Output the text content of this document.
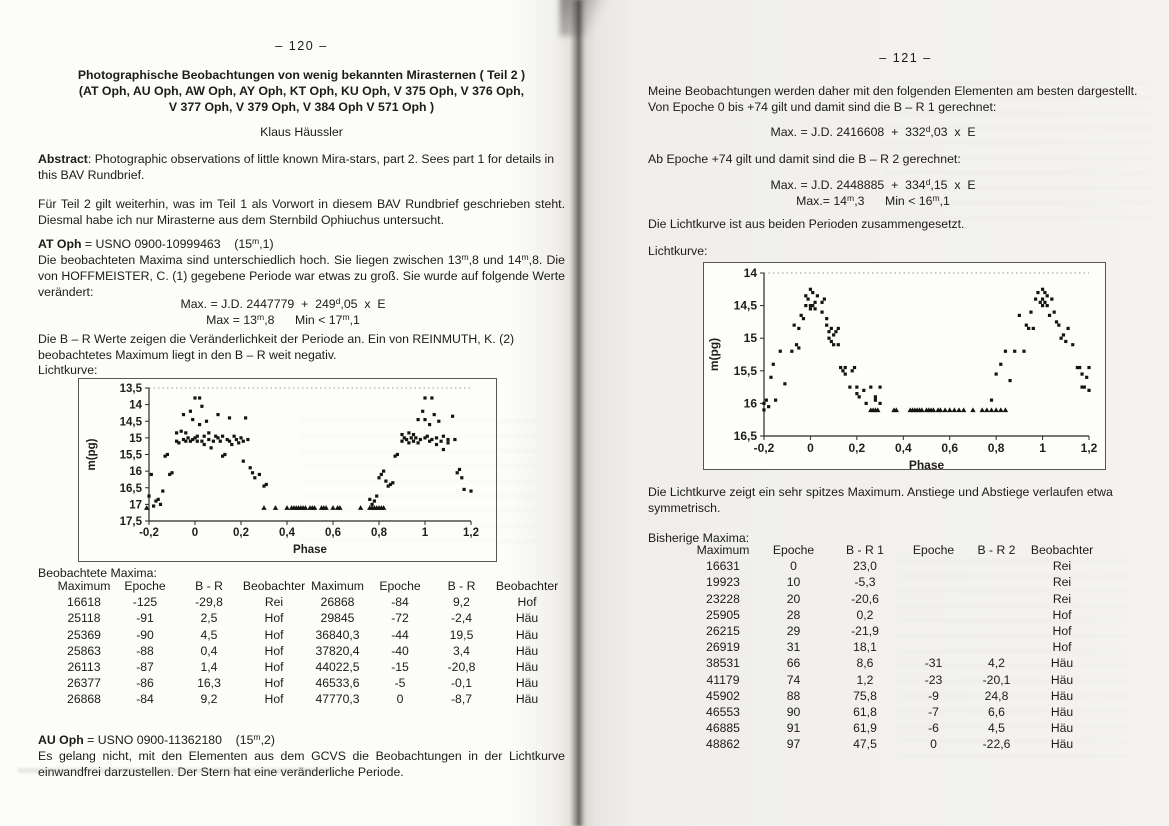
– 120 –
Photographische Beobachtungen von wenig bekannten Mirasternen ( Teil 2 )
(AT Oph, AU Oph, AW Oph, AY Oph, KT Oph, KU Oph, V 375 Oph, V 376 Oph,
V 377 Oph, V 379 Oph, V 384 Oph V 571 Oph )
Klaus Häussler
Abstract: Photographic observations of little known Mira-stars, part 2. Sees part 1 for details in this BAV Rundbrief.
Für Teil 2 gilt weiterhin, was im Teil 1 als Vorwort in diesem BAV Rundbrief geschrieben steht. Diesmal habe ich nur Mirasterne aus dem Sternbild Ophiuchus untersucht.
AT Oph = USNO 0900-10999463    (15$^m$,1)
Die beobachteten Maxima sind unterschiedlich hoch. Sie liegen zwischen 13$^m$,8 und 14$^m$,8. Die von HOFFMEISTER, C. (1) gegebene Periode war etwas zu groß. Sie wurde auf folgende Werte verändert:
Max. = J.D. 2447779  +  249$^d$,05  x  E
Max = $13^m,8$      Min < $17^m,1$
Die B – R Werte zeigen die Veränderlichkeit der Periode an. Ein von REINMUTH, K. (2) beobachtetes Maximum liegt in den B – R weit negativ.
Lichtkurve:
Beobachtete Maxima:
Maximum	Epoche	B - R	Beobachter	Maximum	Epoche	B - R	Beobachter
16618	-125	-29,8	Rei	26868	-84	9,2	Hof
25118	-91	2,5	Hof	29845	-72	-2,4	Häu
25369	-90	4,5	Hof	36840,3	-44	19,5	Häu
25863	-88	0,4	Hof	37820,4	-40	3,4	Häu
26113	-87	1,4	Hof	44022,5	-15	-20,8	Häu
26377	-86	16,3	Hof	46533,6	-5	-0,1	Häu
26868	-84	9,2	Hof	47770,3	0	-8,7	Häu
AU Oph = USNO 0900-11362180    (15$^m$,2)
Es gelang nicht, mit den Elementen aus dem GCVS die Beobachtungen in der Lichtkurve einwandfrei darzustellen. Der Stern hat eine veränderliche Periode.
13,5
14
14,5
15
15,5
16
16,5
17
17,5
-0,2	0	0,2	0,4	0,6	0,8	1	1,2
Phase
m(pg)
– 121 –
Meine Beobachtungen werden daher mit den folgenden Elementen am besten dargestellt.
Von Epoche 0 bis +74 gilt und damit sind die B – R 1 gerechnet:
Max. = J.D. 2416608  +  332$^d$,03  x  E
Ab Epoche +74 gilt und damit sind die B – R 2 gerechnet:
Max. = J.D. 2448885  +  334$^d$,15  x  E
$Max.= 14^m,3$      Min < $16^m,1$
Die Lichtkurve ist aus beiden Perioden zusammengesetzt.
Lichtkurve:
Die Lichtkurve zeigt ein sehr spitzes Maximum. Anstiege und Abstiege verlaufen etwa symmetrisch.
Bisherige Maxima:
Maximum	Epoche	B - R 1	Epoche	B - R 2	Beobachter
16631	0	23,0			Rei
19923	10	-5,3			Rei
23228	20	-20,6			Rei
25905	28	0,2			Hof
26215	29	-21,9			Hof
26919	31	18,1			Hof
38531	66	8,6	-31	4,2	Häu
41179	74	1,2	-23	-20,1	Häu
45902	88	75,8	-9	24,8	Häu
46553	90	61,8	-7	6,6	Häu
46885	91	61,9	-6	4,5	Häu
48862	97	47,5	0	-22,6	Häu
14
14,5
15
15,5
16
16,5
-0,2	0	0,2 0,4 0,6 0,8	1	1,2
Phase
m(pg)
